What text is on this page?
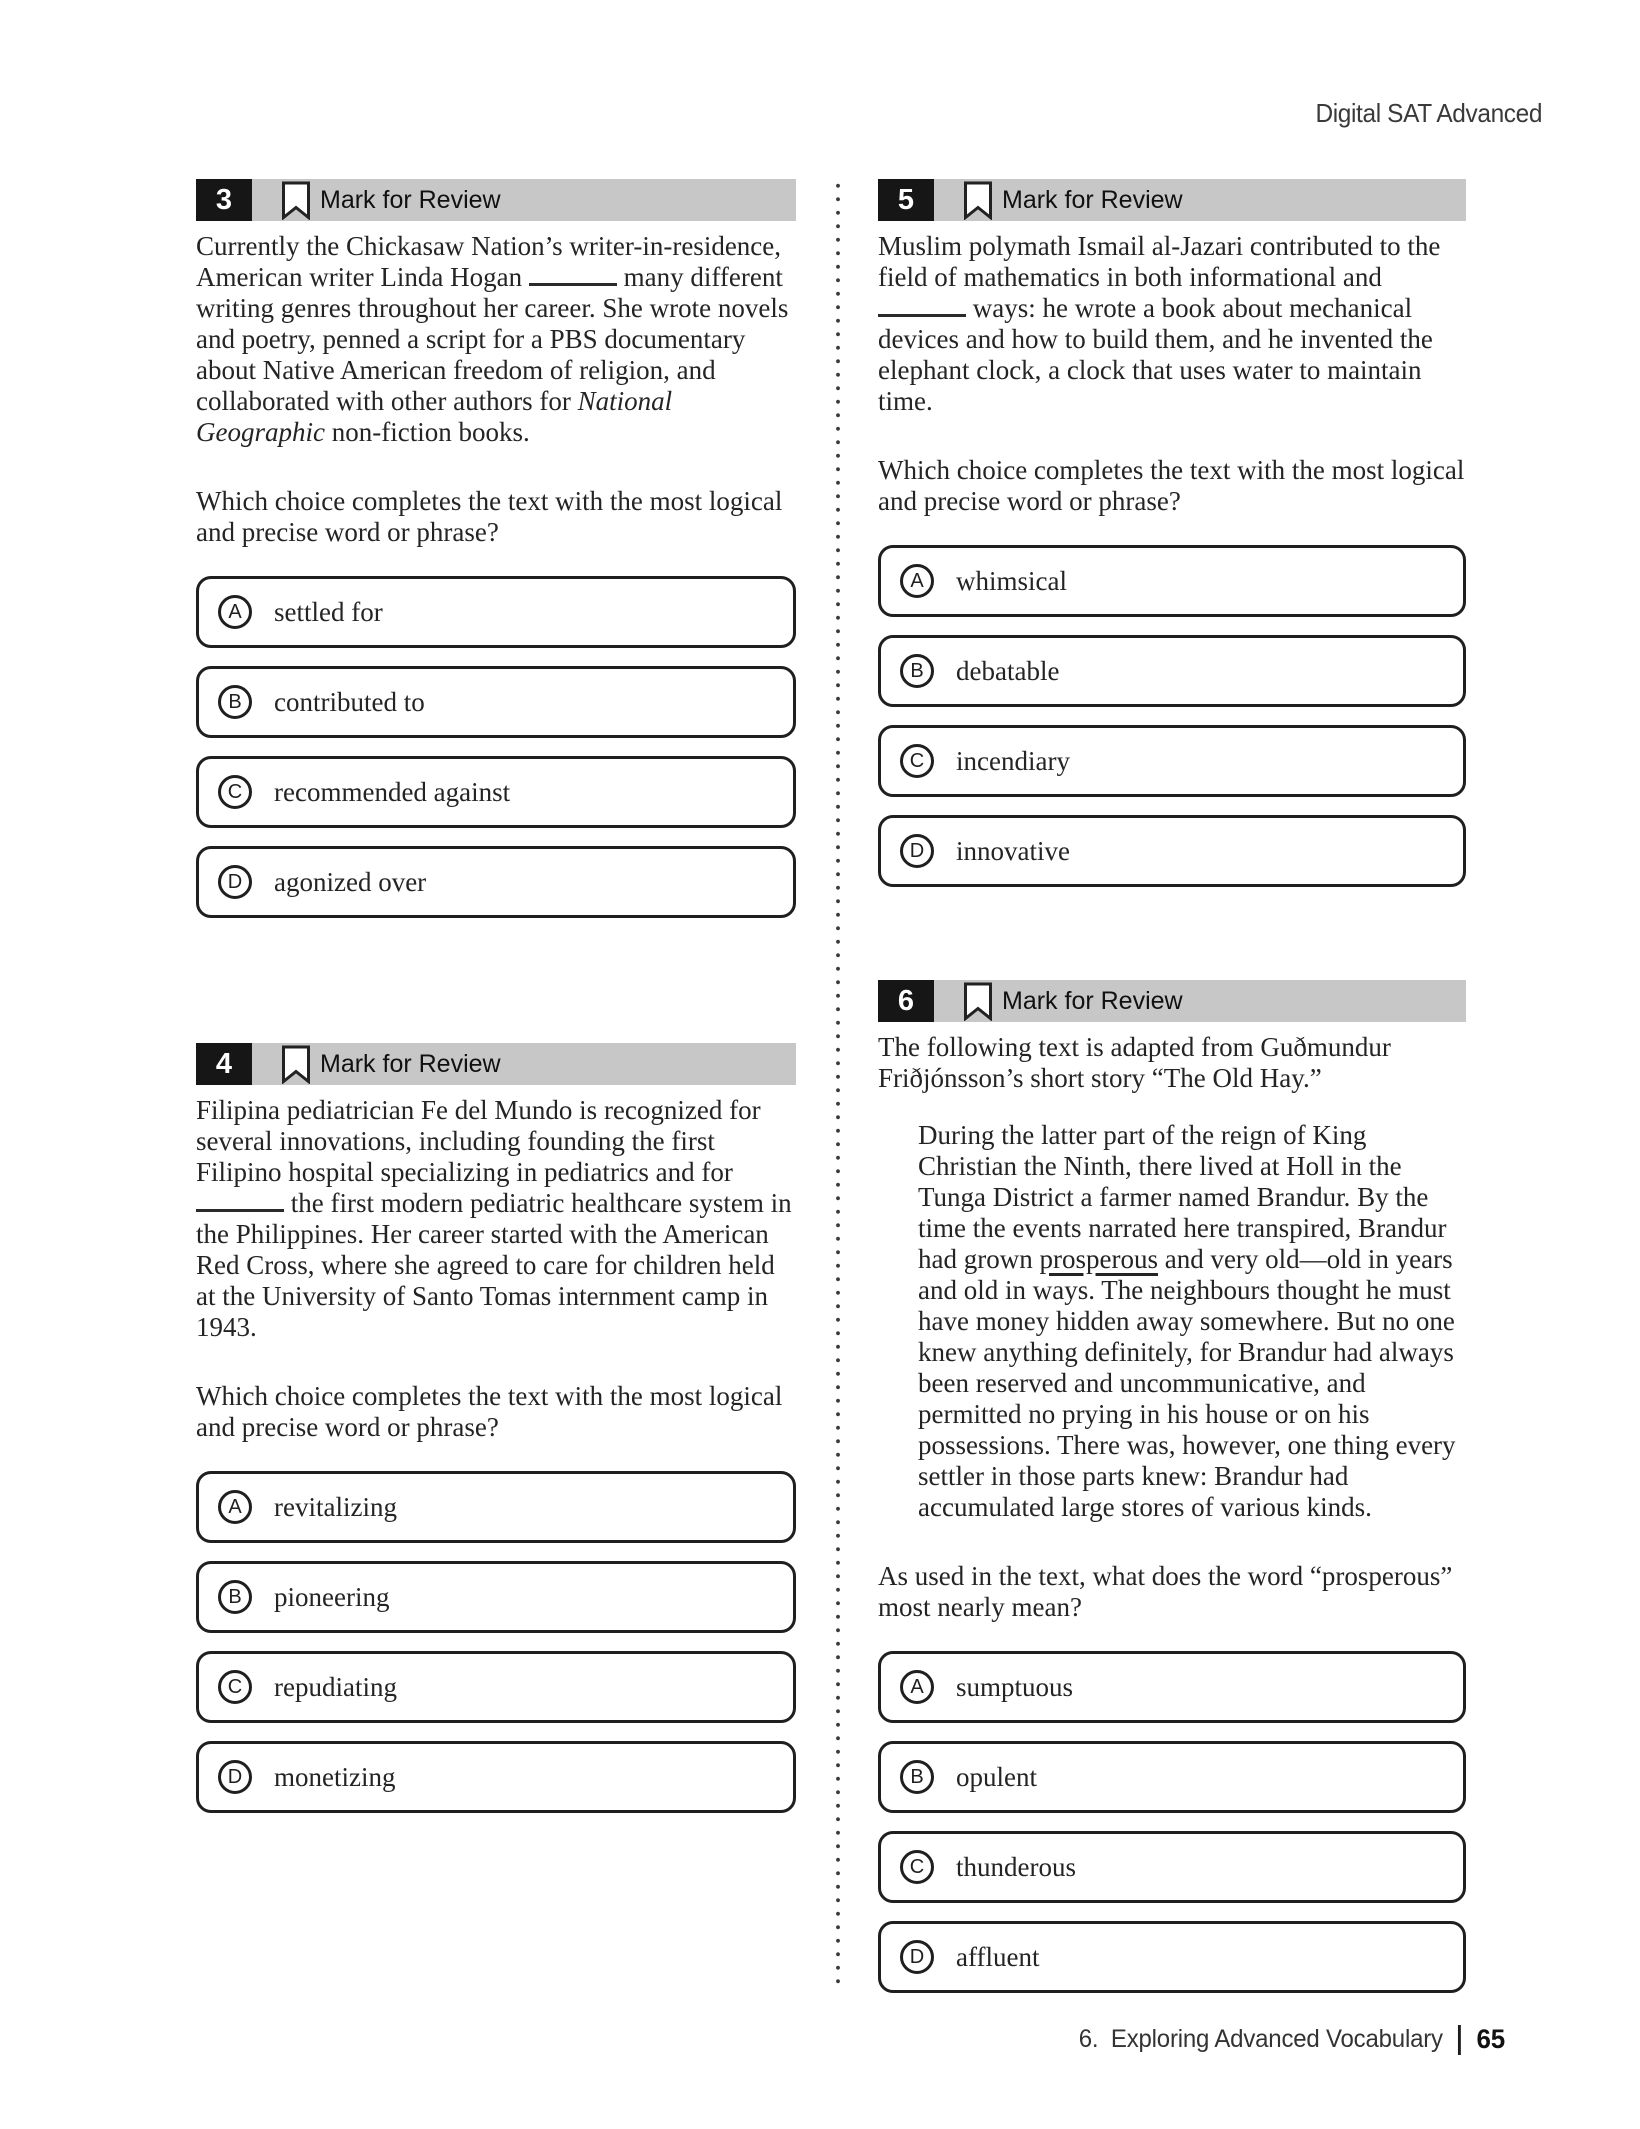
Digital SAT Advanced
3	Mark for Review
Currently the Chickasaw Nation’s writer-in-residence, American writer Linda Hogan	many different writing genres throughout her career. She wrote novels and poetry, penned a script for a PBS documentary about Native American freedom of religion, and collaborated with other authors for National Geographic non-fiction books.
Which choice completes the text with the most logical and precise word or phrase?
A	settled for
B	contributed to
C	recommended against
D	agonized over
4	Mark for Review
Filipina pediatrician Fe del Mundo is recognized for several innovations, including founding the first Filipino hospital specializing in pediatrics and for  the first modern pediatric healthcare system in the Philippines. Her career started with the American Red Cross, where she agreed to care for children held at the University of Santo Tomas internment camp in 1943.
Which choice completes the text with the most logical and precise word or phrase?
A	revitalizing
B	pioneering
C	repudiating
D	monetizing
5	Mark for Review
Muslim polymath Ismail al-Jazari contributed to the field of mathematics in both informational and  ways: he wrote a book about mechanical devices and how to build them, and he invented the elephant clock, a clock that uses water to maintain time.
Which choice completes the text with the most logical and precise word or phrase?
A	whimsical
B	debatable
C	incendiary
D	innovative
6	Mark for Review
The following text is adapted from Guðmundur Friðjónsson’s short story “The Old Hay.”
During the latter part of the reign of King Christian the Ninth, there lived at Holl in the Tunga District a farmer named Brandur. By the time the events narrated here transpired, Brandur had grown prosperous and very old—old in years and old in ways. The neighbours thought he must have money hidden away somewhere. But no one knew anything definitely, for Brandur had always been reserved and uncommunicative, and permitted no prying in his house or on his possessions. There was, however, one thing every settler in those parts knew: Brandur had accumulated large stores of various kinds.
As used in the text, what does the word “prosperous” most nearly mean?
A	sumptuous
B	opulent
C	thunderous
D	affluent
6. Exploring Advanced Vocabulary 65
